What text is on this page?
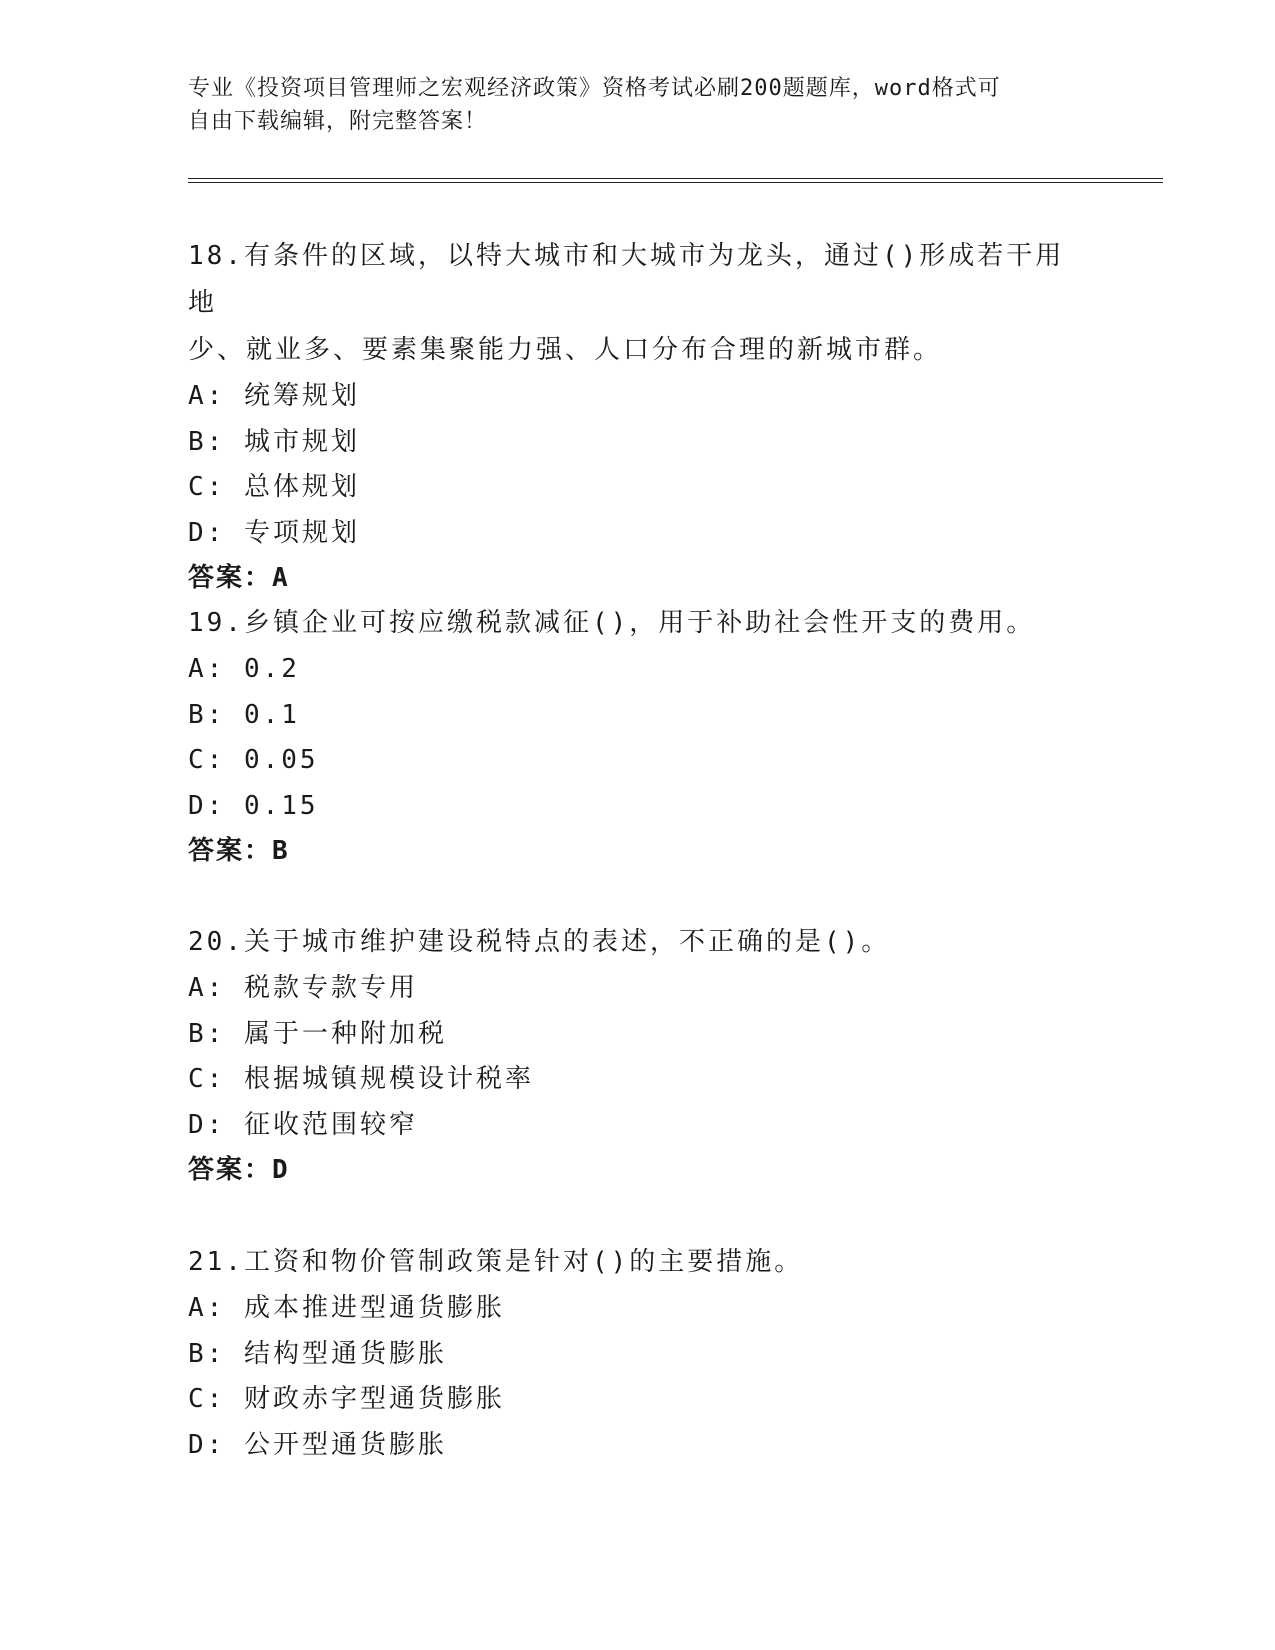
专业《投资项目管理师之宏观经济政策》资格考试必刷200题题库，word格式可
自由下载编辑，附完整答案！

18.有条件的区域，以特大城市和大城市为龙头，通过()形成若干用地
少、就业多、要素集聚能力强、人口分布合理的新城市群。

A: 统筹规划

B: 城市规划

C: 总体规划

D: 专项规划

答案：A

19.乡镇企业可按应缴税款减征()，用于补助社会性开支的费用。

A: 0.2

B: 0.1

C: 0.05

D: 0.15

答案：B

20.关于城市维护建设税特点的表述，不正确的是()。

A: 税款专款专用

B: 属于一种附加税

C: 根据城镇规模设计税率

D: 征收范围较窄

答案：D

21.工资和物价管制政策是针对()的主要措施。

A: 成本推进型通货膨胀

B: 结构型通货膨胀

C: 财政赤字型通货膨胀

D: 公开型通货膨胀
